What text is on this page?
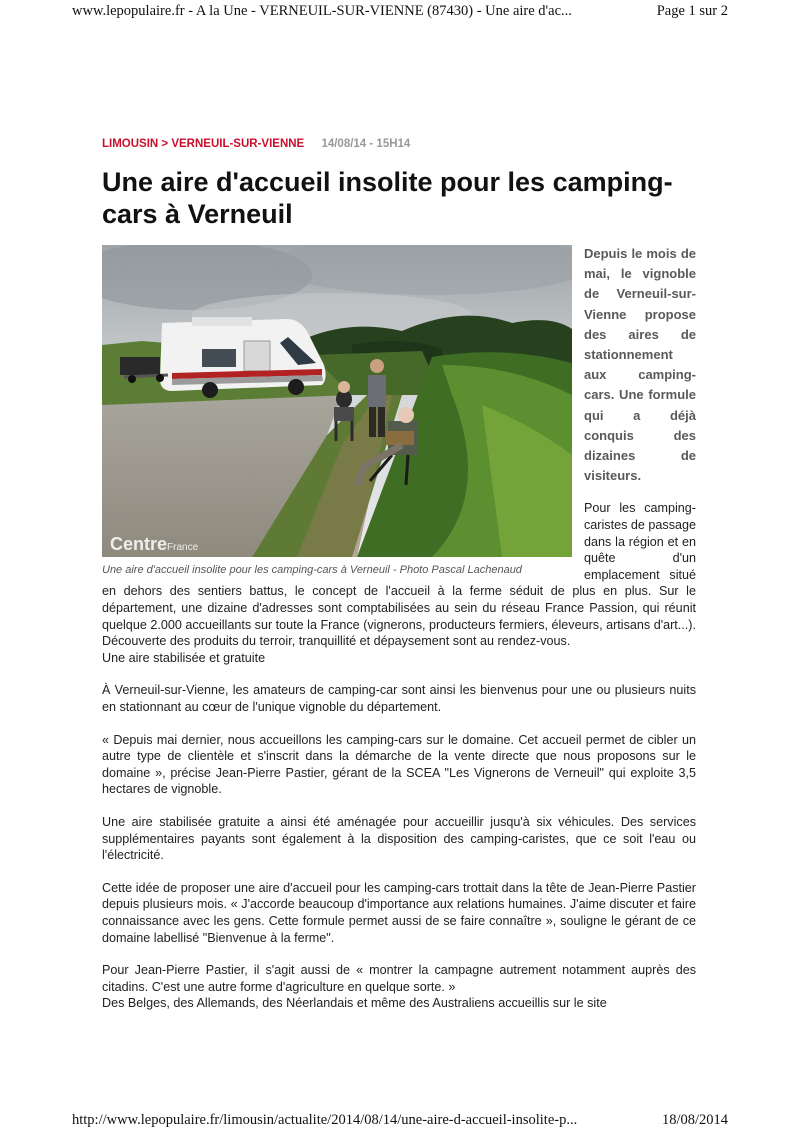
www.lepopulaire.fr - A la Une - VERNEUIL-SUR-VIENNE (87430) - Une aire d'ac...	Page 1 sur 2
LIMOUSIN > VERNEUIL-SUR-VIENNE 14/08/14 - 15H14
Une aire d'accueil insolite pour les camping-cars à Verneuil
CentreFrance
Une aire d'accueil insolite pour les camping-cars à Verneuil - Photo Pascal Lachenaud

Depuis le mois de mai, le vignoble de Verneuil-sur-Vienne propose des aires de stationnement aux camping-cars. Une formule qui a déjà conquis des dizaines de visiteurs.

Pour les camping-caristes de passage dans la région et en quête d'un emplacement situé en dehors des sentiers battus, le concept de l'accueil à la ferme séduit de plus en plus. Sur le département, une dizaine d'adresses sont comptabilisées au sein du réseau France Passion, qui réunit quelque 2.000 accueillants sur toute la France (vignerons, producteurs fermiers, éleveurs, artisans d'art...). Découverte des produits du terroir, tranquillité et dépaysement sont au rendez-vous.

Une aire stabilisée et gratuite

À Verneuil-sur-Vienne, les amateurs de camping-car sont ainsi les bienvenus pour une ou plusieurs nuits en stationnant au cœur de l'unique vignoble du département.

« Depuis mai dernier, nous accueillons les camping-cars sur le domaine. Cet accueil permet de cibler un autre type de clientèle et s'inscrit dans la démarche de la vente directe que nous proposons sur le domaine », précise Jean-Pierre Pastier, gérant de la SCEA "Les Vignerons de Verneuil" qui exploite 3,5 hectares de vignoble.

Une aire stabilisée gratuite a ainsi été aménagée pour accueillir jusqu'à six véhicules. Des services supplémentaires payants sont également à la disposition des camping-caristes, que ce soit l'eau ou l'électricité.

Cette idée de proposer une aire d'accueil pour les camping-cars trottait dans la tête de Jean-Pierre Pastier depuis plusieurs mois. « J'accorde beaucoup d'importance aux relations humaines. J'aime discuter et faire connaissance avec les gens. Cette formule permet aussi de se faire connaître », souligne le gérant de ce domaine labellisé "Bienvenue à la ferme".

Pour Jean-Pierre Pastier, il s'agit aussi de « montrer la campagne autrement notamment auprès des citadins. C'est une autre forme d'agriculture en quelque sorte. »

Des Belges, des Allemands, des Néerlandais et même des Australiens accueillis sur le site

http://www.lepopulaire.fr/limousin/actualite/2014/08/14/une-aire-d-accueil-insolite-p...	18/08/2014
